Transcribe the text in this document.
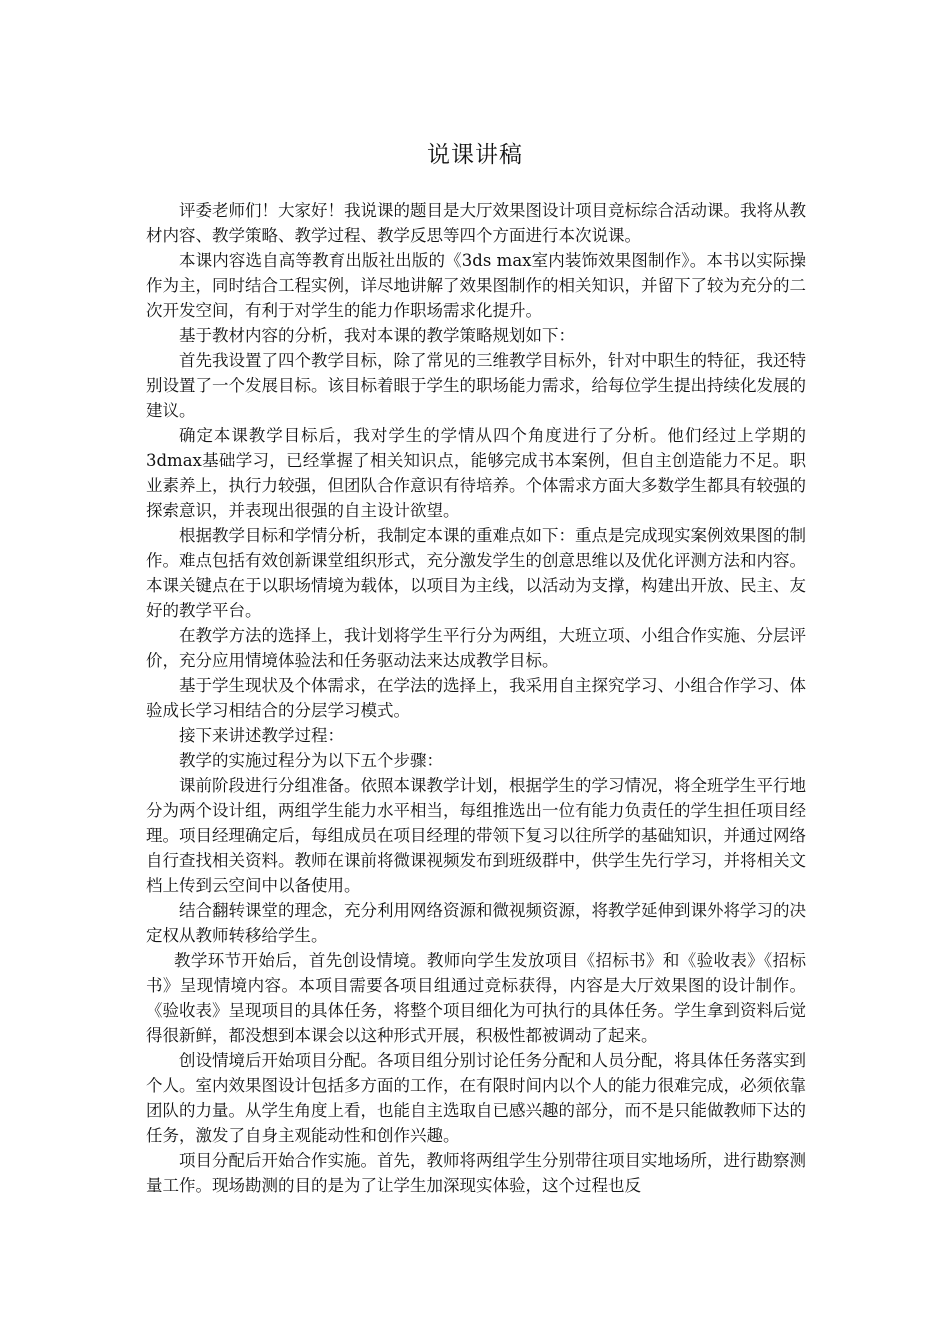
说课讲稿

评委老师们！大家好！我说课的题目是大厅效果图设计项目竞标综合活动课。我将从教材内容、教学策略、教学过程、教学反思等四个方面进行本次说课。

本课内容选自高等教育出版社出版的《3ds max室内装饰效果图制作》。本书以实际操作为主，同时结合工程实例，详尽地讲解了效果图制作的相关知识，并留下了较为充分的二次开发空间，有利于对学生的能力作职场需求化提升。

基于教材内容的分析，我对本课的教学策略规划如下：

首先我设置了四个教学目标，除了常见的三维教学目标外，针对中职生的特征，我还特别设置了一个发展目标。该目标着眼于学生的职场能力需求，给每位学生提出持续化发展的建议。

确定本课教学目标后，我对学生的学情从四个角度进行了分析。他们经过上学期的3dmax基础学习，已经掌握了相关知识点，能够完成书本案例，但自主创造能力不足。职业素养上，执行力较强，但团队合作意识有待培养。个体需求方面大多数学生都具有较强的探索意识，并表现出很强的自主设计欲望。

根据教学目标和学情分析，我制定本课的重难点如下：重点是完成现实案例效果图的制作。难点包括有效创新课堂组织形式，充分激发学生的创意思维以及优化评测方法和内容。本课关键点在于以职场情境为载体，以项目为主线，以活动为支撑，构建出开放、民主、友好的教学平台。

在教学方法的选择上，我计划将学生平行分为两组，大班立项、小组合作实施、分层评价，充分应用情境体验法和任务驱动法来达成教学目标。

基于学生现状及个体需求，在学法的选择上，我采用自主探究学习、小组合作学习、体验成长学习相结合的分层学习模式。

接下来讲述教学过程：

教学的实施过程分为以下五个步骤：

课前阶段进行分组准备。依照本课教学计划，根据学生的学习情况，将全班学生平行地分为两个设计组，两组学生能力水平相当，每组推选出一位有能力负责任的学生担任项目经理。项目经理确定后，每组成员在项目经理的带领下复习以往所学的基础知识，并通过网络自行查找相关资料。教师在课前将微课视频发布到班级群中，供学生先行学习，并将相关文档上传到云空间中以备使用。

结合翻转课堂的理念，充分利用网络资源和微视频资源，将教学延伸到课外将学习的决定权从教师转移给学生。

教学环节开始后，首先创设情境。教师向学生发放项目《招标书》和《验收表》《招标书》呈现情境内容。本项目需要各项目组通过竞标获得，内容是大厅效果图的设计制作。《验收表》呈现项目的具体任务，将整个项目细化为可执行的具体任务。学生拿到资料后觉得很新鲜，都没想到本课会以这种形式开展，积极性都被调动了起来。

创设情境后开始项目分配。各项目组分别讨论任务分配和人员分配，将具体任务落实到个人。室内效果图设计包括多方面的工作，在有限时间内以个人的能力很难完成，必须依靠团队的力量。从学生角度上看，也能自主选取自已感兴趣的部分，而不是只能做教师下达的任务，激发了自身主观能动性和创作兴趣。

项目分配后开始合作实施。首先，教师将两组学生分别带往项目实地场所，进行勘察测量工作。现场勘测的目的是为了让学生加深现实体验，这个过程也反
